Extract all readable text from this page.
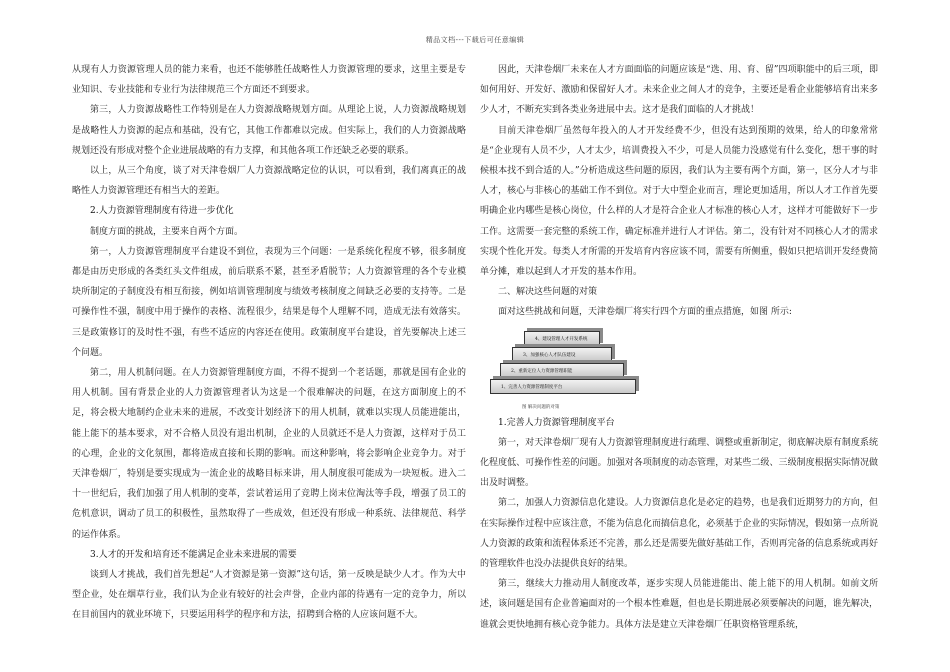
精品文档---下载后可任意编辑

从现有人力资源管理人员的能力来看，也还不能够胜任战略性人力资源管理的要求，这里主要是专业知识、专业技能和专业行为法律规范三个方面还不到要求。

第三，人力资源战略性工作特别是在人力资源战略规划方面。从理论上说，人力资源战略规划是战略性人力资源的起点和基础，没有它，其他工作都难以完成。但实际上，我们的人力资源战略规划还没有形成对整个企业进展战略的有力支撑，和其他各项工作还缺乏必要的联系。

以上，从三个角度，谈了对天津卷烟厂人力资源战略定位的认识，可以看到，我们离真正的战略性人力资源管理还有相当大的差距。

2.人力资源管理制度有待进一步优化

制度方面的挑战，主要来自两个方面。

第一，人力资源管理制度平台建设不到位，表现为三个问题：一是系统化程度不够，很多制度都是由历史形成的各类红头文件组成，前后联系不紧，甚至矛盾脱节；人力资源管理的各个专业模块所制定的子制度没有相互衔接，例如培训管理制度与绩效考核制度之间缺乏必要的支持等。二是可操作性不强，制度中用于操作的表格、流程很少，结果是每个人理解不同，造成无法有效落实。三是政策修订的及时性不强，有些不适应的内容还在使用。政策制度平台建设，首先要解决上述三个问题。

第二，用人机制问题。在人力资源管理制度方面，不得不提到一个老话题，那就是国有企业的用人机制。国有背景企业的人力资源管理者认为这是一个很难解决的问题，在这方面制度上的不足，将会极大地制约企业未来的进展，不改变计划经济下的用人机制，就难以实现人员能进能出，能上能下的基本要求，对不合格人员没有退出机制，企业的人员就还不是人力资源，这样对于员工的心理，企业的文化氛围，都将造成直接和长期的影响。而这种影响，将会影响企业竞争力。对于天津卷烟厂，特别是要实现成为一流企业的战略目标来讲，用人制度很可能成为一块短板。进入二十一世纪后，我们加强了用人机制的变革，尝试着运用了竞聘上岗末位淘汰等手段，增强了员工的危机意识，调动了员工的积极性，虽然取得了一些成效，但还没有形成一种系统、法律规范、科学的运作体系。

3.人才的开发和培育还不能满足企业未来进展的需要

谈到人才挑战，我们首先想起“人才资源是第一资源”这句话，第一反映是缺少人才。作为大中型企业，处在烟草行业，我们认为企业有较好的社会声誉，企业内部的待遇有一定的竞争力，所以在目前国内的就业环境下，只要运用科学的程序和方法，招聘到合格的人应该问题不大。

因此，天津卷烟厂未来在人才方面面临的问题应该是“选、用、育、留”四项职能中的后三项，即如何用好、开发好、激励和保留好人才。未来企业之间人才的竞争，主要还是看企业能够培育出来多少人才，不断充实到各类业务进展中去。这才是我们面临的人才挑战！

目前天津卷烟厂虽然每年投入的人才开发经费不少，但没有达到预期的效果，给人的印象常常是“企业现有人员不少，人才太少，培训费投入不少，可是人员能力没感觉有什么变化，想干事的时候根本找不到合适的人。”分析造成这些问题的原因，我们认为主要有两个方面，第一，区分人才与非人才，核心与非核心的基础工作不到位。对于大中型企业而言，理论更加适用，所以人才工作首先要明确企业内哪些是核心岗位，什么样的人才是符合企业人才标准的核心人才，这样才可能做好下一步工作。这需要一套完整的系统工作，确定标准并进行人才评估。第二，没有针对不同核心人才的需求实现个性化开发。每类人才所需的开发培育内容应该不同，需要有所侧重，假如只把培训开发经费简单分摊，难以起到人才开发的基本作用。

二、解决这些问题的对策

面对这些挑战和问题，天津卷烟厂将实行四个方面的重点措施，如图 所示:

4、建设管理人才开发系统
3、加强核心人才队伍建设
2、重新定位人力资源管理职能
1、完善人力资源管理制度平台
图 解决问题的对策

1.完善人力资源管理制度平台

第一，对天津卷烟厂现有人力资源管理制度进行疏理、调整或重新制定，彻底解决原有制度系统化程度低、可操作性差的问题。加强对各项制度的动态管理，对某些二级、三级制度根据实际情况做出及时调整。

第二，加强人力资源信息化建设。人力资源信息化是必定的趋势，也是我们近期努力的方向，但在实际操作过程中应该注意，不能为信息化而搞信息化，必须基于企业的实际情况，假如第一点所说人力资源的政策和流程体系还不完善，那么还是需要先做好基础工作，否则再完备的信息系统或再好的管理软件也没办法提供良好的结果。

第三，继续大力推动用人制度改革，逐步实现人员能进能出、能上能下的用人机制。如前文所述，该问题是国有企业普遍面对的一个根本性难题，但也是长期进展必须要解决的问题，谁先解决，谁就会更快地拥有核心竞争能力。具体方法是建立天津卷烟厂任职资格管理系统，
